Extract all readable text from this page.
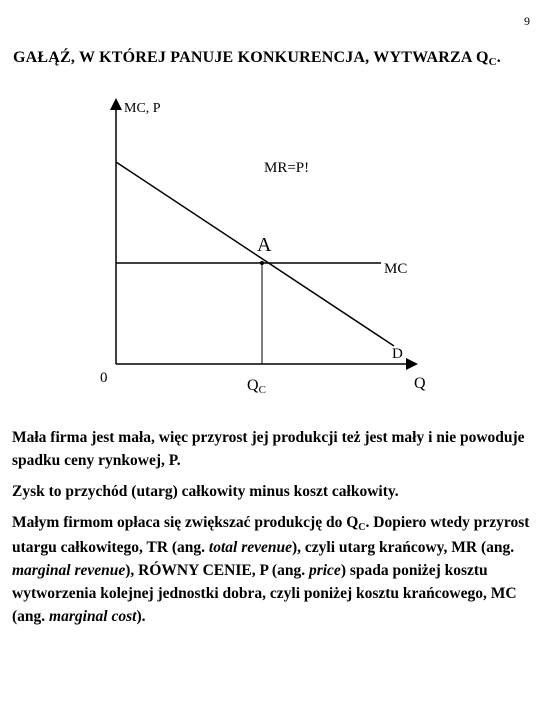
9
GAŁĄŹ, W KTÓREJ PANUJE KONKURENCJA, WYTWARZA QC.
MC, P
MR=P!
A
MC
D
0	Q
QC

Mała firma jest mała, więc przyrost jej produkcji też jest mały i nie powoduje spadku ceny rynkowej, P.

Zysk to przychód (utarg) całkowity minus koszt całkowity.

Małym firmom opłaca się zwiększać produkcję do QC. Dopiero wtedy przyrost utargu całkowitego, TR (ang. total revenue), czyli utarg krańcowy, MR (ang. marginal revenue), RÓWNY CENIE, P (ang. price) spada poniżej kosztu wytworzenia kolejnej jednostki dobra, czyli poniżej kosztu krańcowego, MC (ang. marginal cost).
